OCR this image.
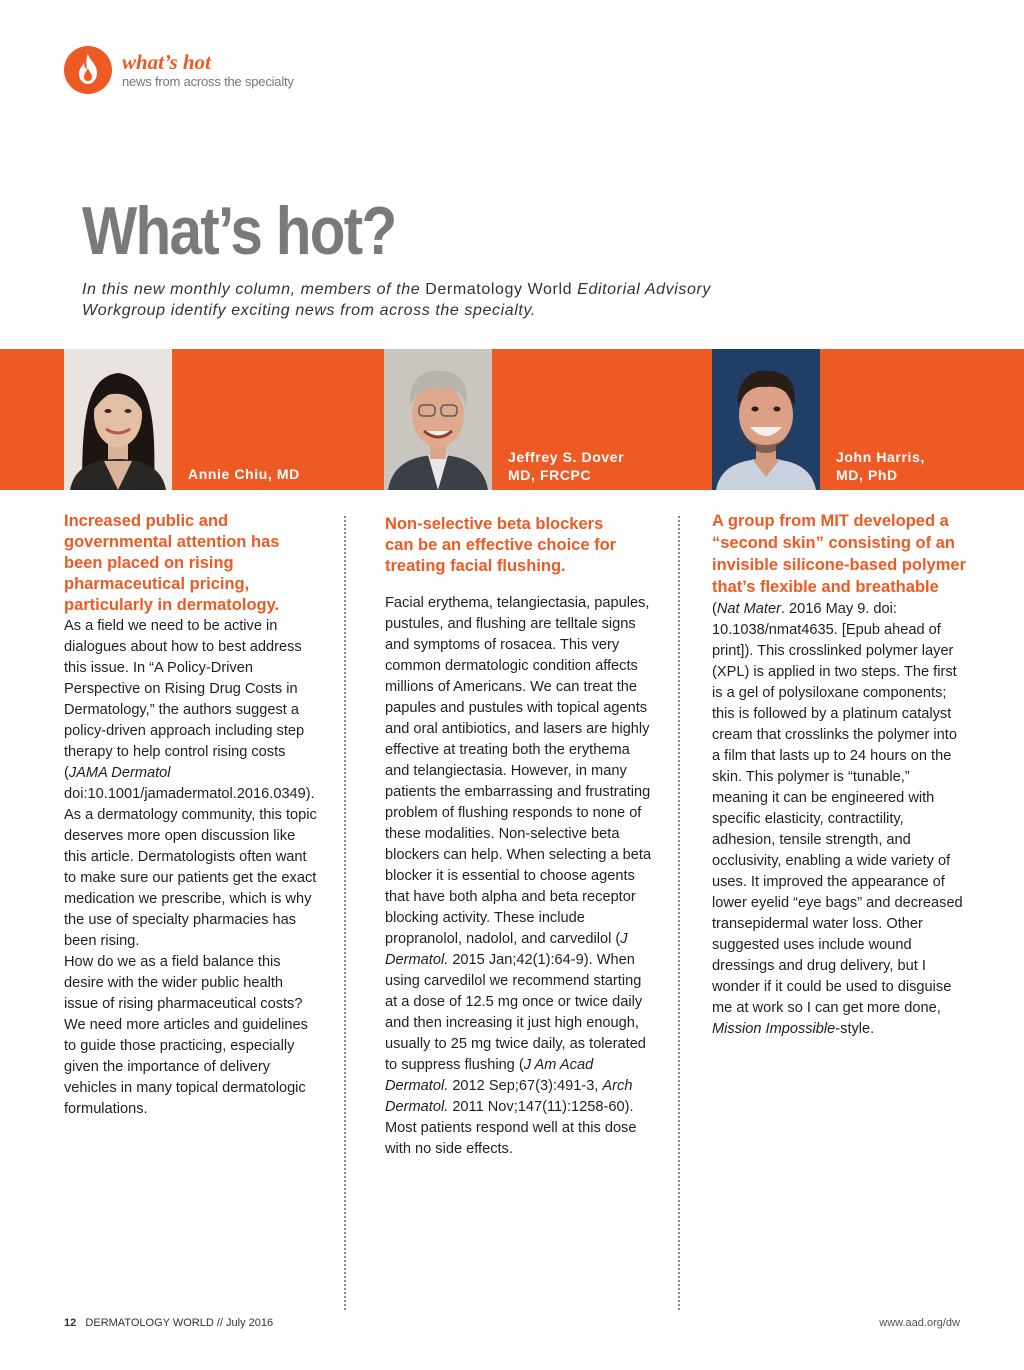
what’s hot
news from across the specialty
What’s hot?
In this new monthly column, members of the Dermatology World Editorial Advisory Workgroup identify exciting news from across the specialty.
Annie Chiu, MD
Jeffrey S. Dover
MD, FRCPC
John Harris,
MD, PhD

Increased public and governmental attention has been placed on rising pharmaceutical pricing, particularly in dermatology.

As a field we need to be active in dialogues about how to best address this issue. In “A Policy-Driven Perspective on Rising Drug Costs in Dermatology,” the authors suggest a policy-driven approach including step therapy to help control rising costs (JAMA Dermatol doi:10.1001/jamadermatol.2016.0349). As a dermatology community, this topic deserves more open discussion like this article. Dermatologists often want to make sure our patients get the exact medication we prescribe, which is why the use of specialty pharmacies has been rising.

How do we as a field balance this desire with the wider public health issue of rising pharmaceutical costs? We need more articles and guidelines to guide those practicing, especially given the importance of delivery vehicles in many topical dermatologic formulations.

Non-selective beta blockers can be an effective choice for treating facial flushing.

Facial erythema, telangiectasia, papules, pustules, and flushing are telltale signs and symptoms of rosacea. This very common dermatologic condition affects millions of Americans. We can treat the papules and pustules with topical agents and oral antibiotics, and lasers are highly effective at treating both the erythema and telangiectasia. However, in many patients the embarrassing and frustrating problem of flushing responds to none of these modalities. Non-selective beta blockers can help. When selecting a beta blocker it is essential to choose agents that have both alpha and beta receptor blocking activity. These include propranolol, nadolol, and carvedilol (J Dermatol. 2015 Jan;42(1):64-9). When using carvedilol we recommend starting at a dose of 12.5 mg once or twice daily and then increasing it just high enough, usually to 25 mg twice daily, as tolerated to suppress flushing (J Am Acad Dermatol. 2012 Sep;67(3):491-3, Arch Dermatol. 2011 Nov;147(11):1258-60). Most patients respond well at this dose with no side effects.

A group from MIT developed a “second skin” consisting of an invisible silicone-based polymer that’s flexible and breathable (Nat Mater. 2016 May 9. doi: 10.1038/nmat4635. [Epub ahead of print]). This crosslinked polymer layer (XPL) is applied in two steps. The first is a gel of polysiloxane components; this is followed by a platinum catalyst cream that crosslinks the polymer into a film that lasts up to 24 hours on the skin. This polymer is “tunable,” meaning it can be engineered with specific elasticity, contractility, adhesion, tensile strength, and occlusivity, enabling a wide variety of uses. It improved the appearance of lower eyelid “eye bags” and decreased transepidermal water loss. Other suggested uses include wound dressings and drug delivery, but I wonder if it could be used to disguise me at work so I can get more done, Mission Impossible-style.

12 DERMATOLOGY WORLD // July 2016	www.aad.org/dw
